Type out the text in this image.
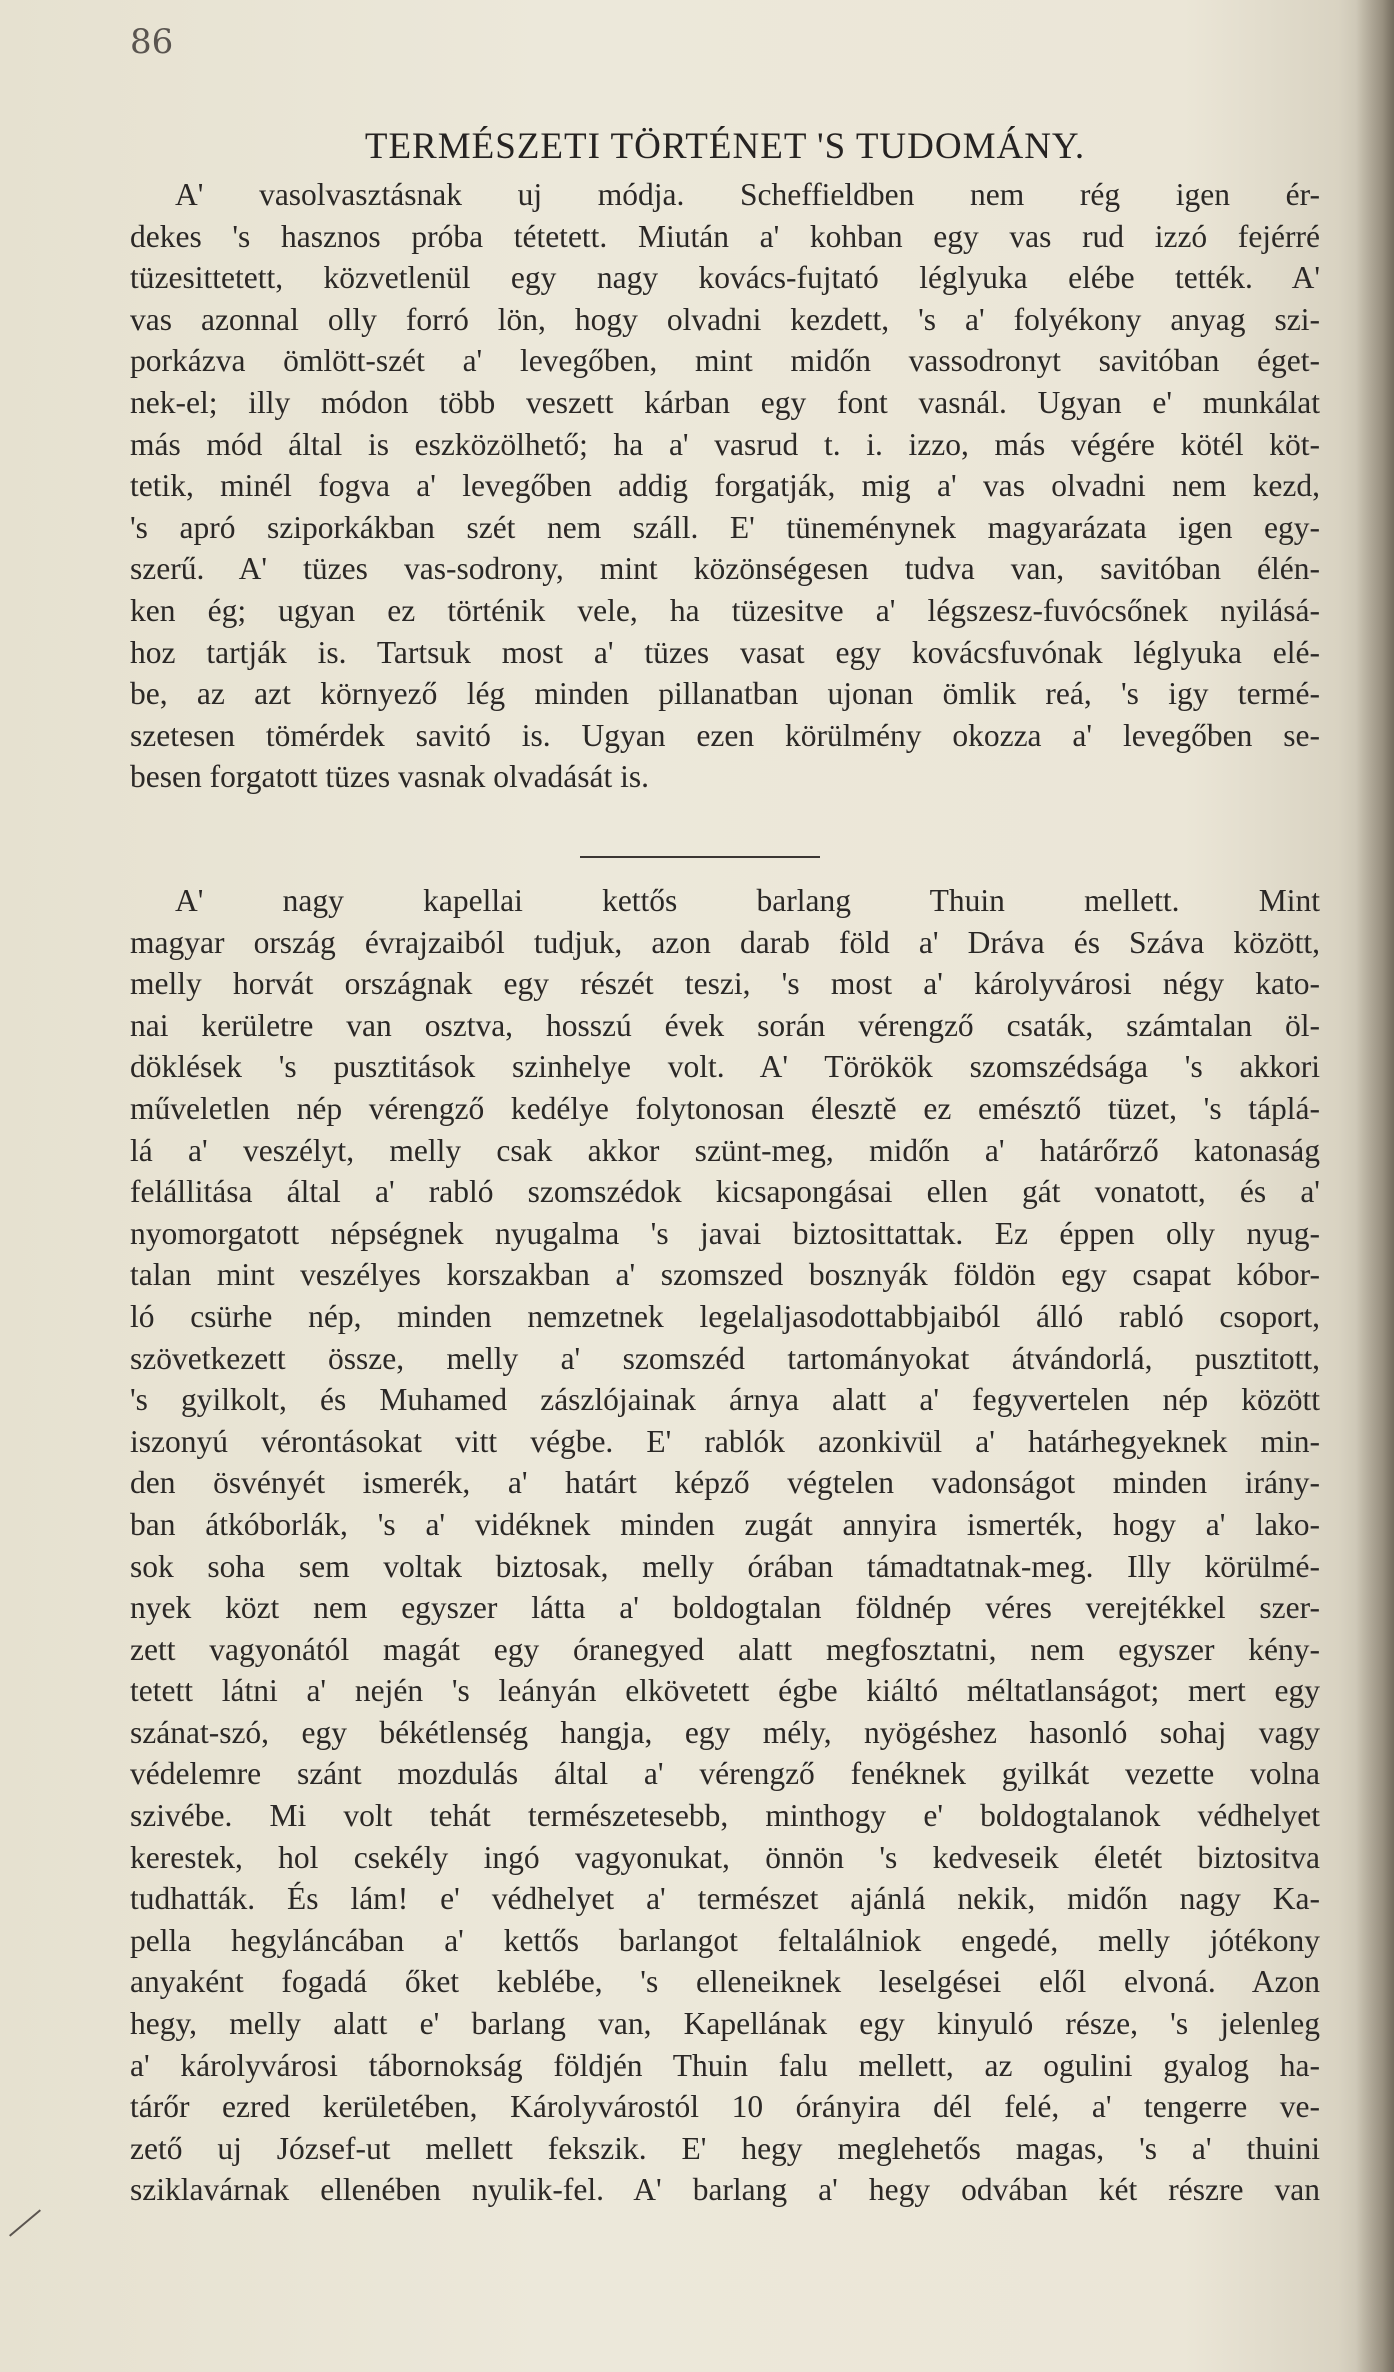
86
TERMÉSZETI TÖRTÉNET 'S TUDOMÁNY.
A' vasolvasztásnak uj módja. Scheffieldben nem rég igen ér-
dekes 's hasznos próba tétetett. Miután a' kohban egy vas rud izzó fejérré
tüzesittetett, közvetlenül egy nagy kovács-fujtató léglyuka elébe tették. A'
vas azonnal olly forró lön, hogy olvadni kezdett, 's a' folyékony anyag szi-
porkázva ömlött-szét a' levegőben, mint midőn vassodronyt savitóban éget-
nek-el; illy módon több veszett kárban egy font vasnál. Ugyan e' munkálat
más mód által is eszközölhető; ha a' vasrud t. i. izzo, más végére kötél köt-
tetik, minél fogva a' levegőben addig forgatják, mig a' vas olvadni nem kezd,
's apró sziporkákban szét nem száll. E' tüneménynek magyarázata igen egy-
szerű. A' tüzes vas-sodrony, mint közönségesen tudva van, savitóban élén-
ken ég; ugyan ez történik vele, ha tüzesitve a' légszesz-fuvócsőnek nyilásá-
hoz tartják is. Tartsuk most a' tüzes vasat egy kovácsfuvónak léglyuka elé-
be, az azt környező lég minden pillanatban ujonan ömlik reá, 's igy termé-
szetesen tömérdek savitó is. Ugyan ezen körülmény okozza a' levegőben se-
besen forgatott tüzes vasnak olvadását is.
A' nagy kapellai kettős barlang Thuin mellett. Mint
magyar ország évrajzaiból tudjuk, azon darab föld a' Dráva és Száva között,
melly horvát országnak egy részét teszi, 's most a' károlyvárosi négy kato-
nai kerületre van osztva, hosszú évek során vérengző csaták, számtalan öl-
döklések 's pusztitások szinhelye volt. A' Törökök szomszédsága 's akkori
műveletlen nép vérengző kedélye folytonosan élesztĕ ez emésztő tüzet, 's táplá-
lá a' veszélyt, melly csak akkor szünt-meg, midőn a' határőrző katonaság
felállitása által a' rabló szomszédok kicsapongásai ellen gát vonatott, és a'
nyomorgatott népségnek nyugalma 's javai biztosittattak. Ez éppen olly nyug-
talan mint veszélyes korszakban a' szomszed bosznyák földön egy csapat kóbor-
ló csürhe nép, minden nemzetnek legelaljasodottabbjaiból álló rabló csoport,
szövetkezett össze, melly a' szomszéd tartományokat átvándorlá, pusztitott,
's gyilkolt, és Muhamed zászlójainak árnya alatt a' fegyvertelen nép között
iszonyú vérontásokat vitt végbe. E' rablók azonkivül a' határhegyeknek min-
den ösvényét ismerék, a' határt képző végtelen vadonságot minden irány-
ban átkóborlák, 's a' vidéknek minden zugát annyira ismerték, hogy a' lako-
sok soha sem voltak biztosak, melly órában támadtatnak-meg. Illy körülmé-
nyek közt nem egyszer látta a' boldogtalan földnép véres verejtékkel szer-
zett vagyonától magát egy óranegyed alatt megfosztatni, nem egyszer kény-
tetett látni a' nején 's leányán elkövetett égbe kiáltó méltatlanságot; mert egy
szánat-szó, egy békétlenség hangja, egy mély, nyögéshez hasonló sohaj vagy
védelemre szánt mozdulás által a' vérengző fenéknek gyilkát vezette volna
szivébe. Mi volt tehát természetesebb, minthogy e' boldogtalanok védhelyet
kerestek, hol csekély ingó vagyonukat, önnön 's kedveseik életét biztositva
tudhatták. És lám! e' védhelyet a' természet ajánlá nekik, midőn nagy Ka-
pella hegyláncában a' kettős barlangot feltalálniok engedé, melly jótékony
anyaként fogadá őket keblébe, 's elleneiknek leselgései elől elvoná. Azon
hegy, melly alatt e' barlang van, Kapellának egy kinyuló része, 's jelenleg
a' károlyvárosi tábornokság földjén Thuin falu mellett, az ogulini gyalog ha-
tárőr ezred kerületében, Károlyvárostól 10 órányira dél felé, a' tengerre ve-
zető uj József-ut mellett fekszik. E' hegy meglehetős magas, 's a' thuini
sziklavárnak ellenében nyulik-fel. A' barlang a' hegy odvában két részre van
